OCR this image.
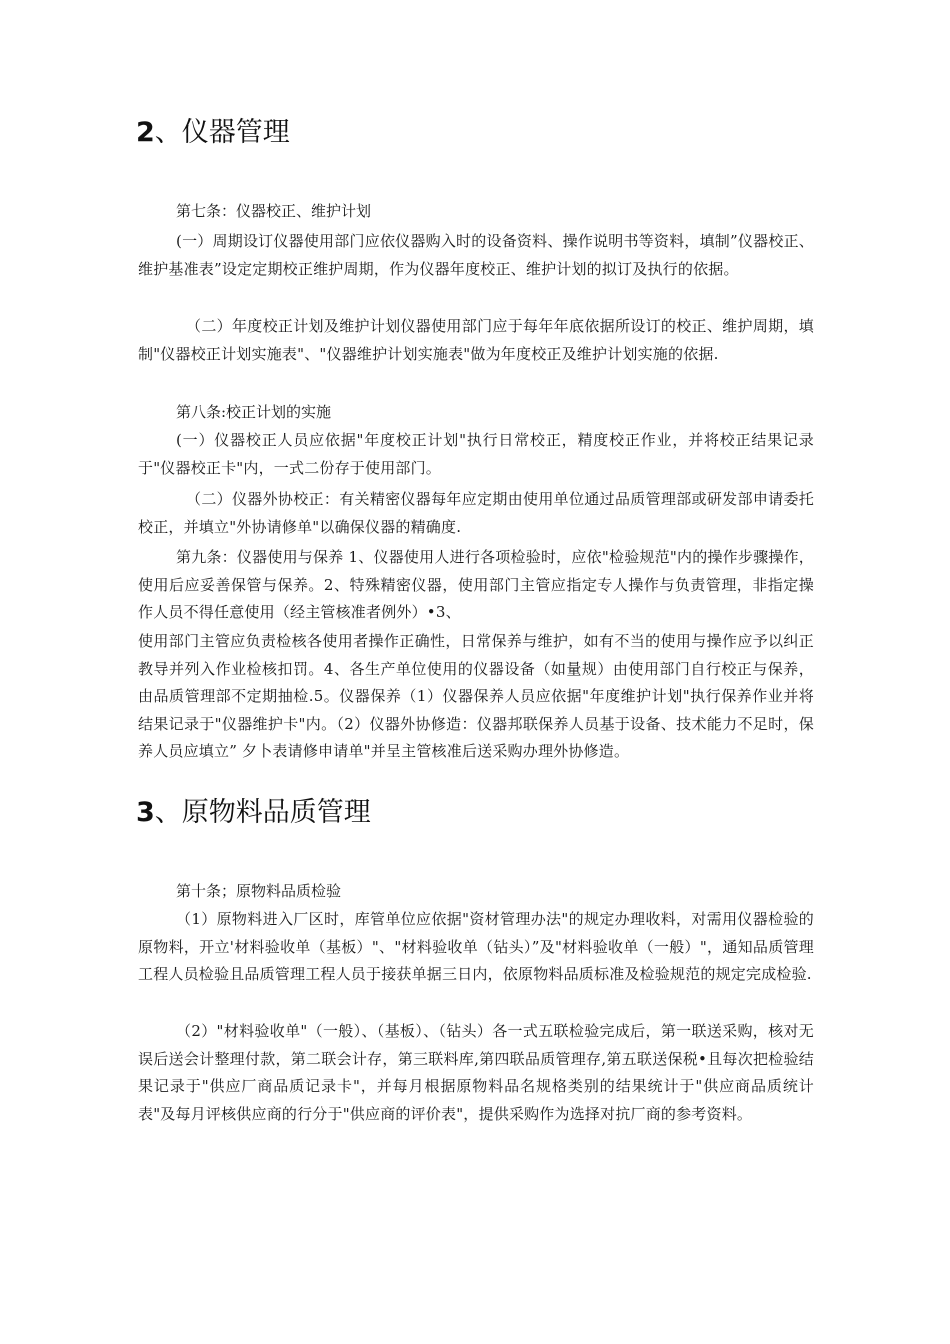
2、仪器管理
第七条：仪器校正、维护计划

(一）周期设订仪器使用部门应依仪器购入时的设备资料、操作说明书等资料，填制”仪器校正、维护基准表”设定定期校正维护周期，作为仪器年度校正、维护计划的拟订及执行的依据。

（二）年度校正计划及维护计划仪器使用部门应于每年年底依据所设订的校正、维护周期，填制"仪器校正计划实施表"、"仪器维护计划实施表"做为年度校正及维护计划实施的依据.

第八条:校正计划的实施

(一）仪器校正人员应依据"年度校正计划"执行日常校正，精度校正作业，并将校正结果记录于"仪器校正卡"内，一式二份存于使用部门。

（二）仪器外协校正：有关精密仪器每年应定期由使用单位通过品质管理部或研发部申请委托校正，并填立"外协请修单"以确保仪器的精确度.

第九条：仪器使用与保养 1、仪器使用人进行各项检验时，应依"检验规范"内的操作步骤操作，使用后应妥善保管与保养。2、特殊精密仪器，使用部门主管应指定专人操作与负责管理，非指定操作人员不得任意使用（经主管核准者例外）•3、

使用部门主管应负责检核各使用者操作正确性，日常保养与维护，如有不当的使用与操作应予以纠正教导并列入作业检核扣罚。4、各生产单位使用的仪器设备（如量规）由使用部门自行校正与保养，由品质管理部不定期抽检.5。仪器保养（1）仪器保养人员应依据"年度维护计划"执行保养作业并将结果记录于"仪器维护卡"内。（2）仪器外协修造：仪器邦联保养人员基于设备、技术能力不足时，保养人员应填立” 夕卜表请修申请单"并呈主管核准后送采购办理外协修造。

3、原物料品质管理
第十条；原物料品质检验

（1）原物料进入厂区时，库管单位应依据"资材管理办法"的规定办理收料，对需用仪器检验的原物料，开立'材料验收单（基板）"、"材料验收单（钻头）”及"材料验收单（一般）"，通知品质管理工程人员检验且品质管理工程人员于接获单据三日内，依原物料品质标准及检验规范的规定完成检验.

（2）"材料验收单"（一般）、（基板）、（钻头）各一式五联检验完成后，第一联送采购，核对无误后送会计整理付款，第二联会计存，第三联料库,第四联品质管理存,第五联送保税•且每次把检验结果记录于"供应厂商品质记录卡"，并每月根据原物料品名规格类别的结果统计于"供应商品质统计表"及每月评核供应商的行分于"供应商的评价表"，提供采购作为选择对抗厂商的参考资料。
